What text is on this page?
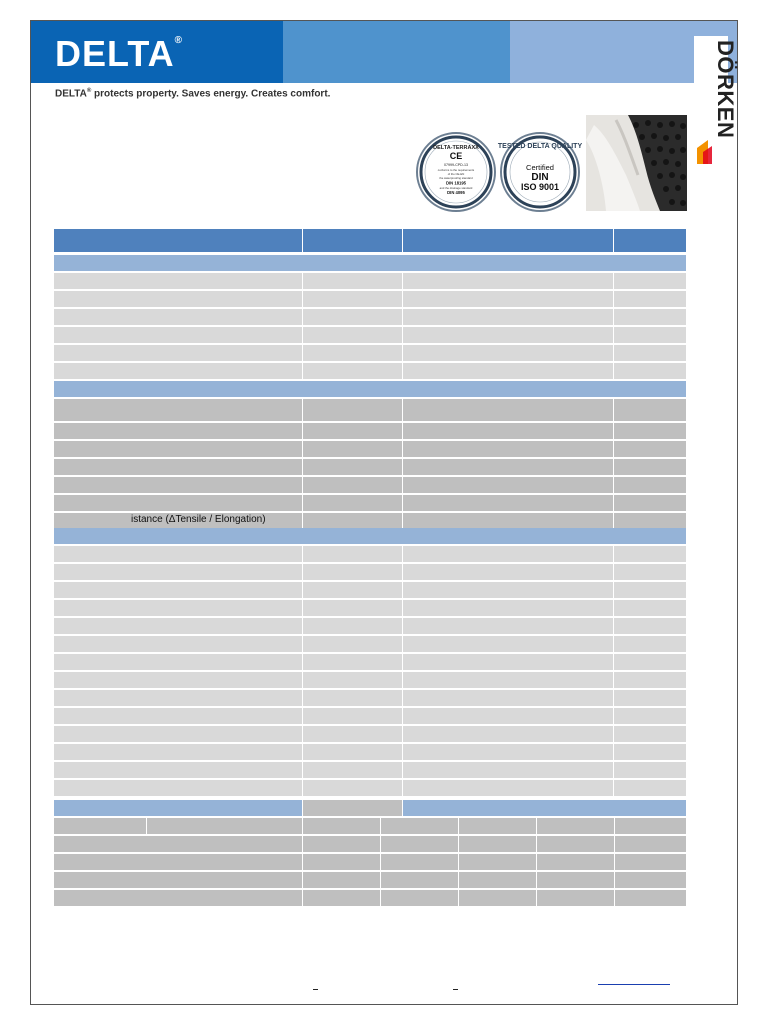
DELTA®
DELTA® protects property. Saves energy. Creates comfort.	DÖRKEN
DELTA-TERRAXX
CE
07999-CPD-13
conforms to the requirements
of the CE-EN
the waterproofing standard
DIN 18195
and the drainage standard
DIN 4095
TESTED DELTA QUALITY
Certified
DIN
ISO 9001
istance (ΔTensile / Elongation)
